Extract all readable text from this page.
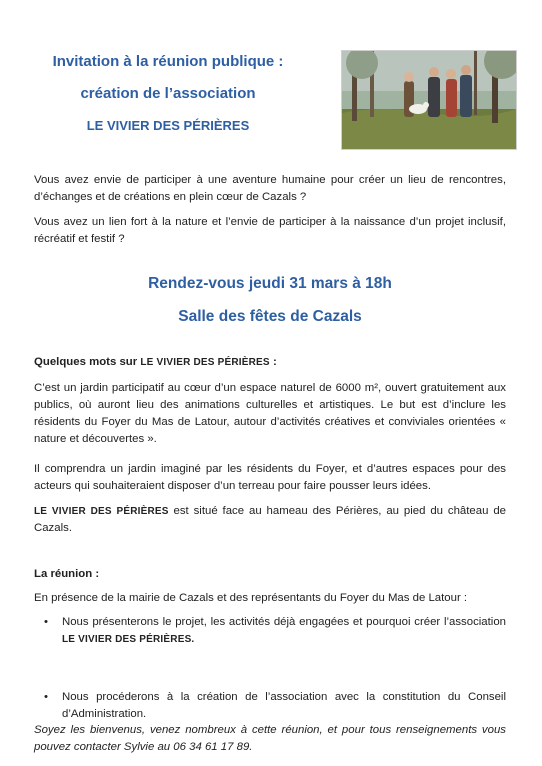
Invitation à la réunion publique :
création de l’association
LE VIVIER DES PÉRIÈRES
Vous avez envie de participer à une aventure humaine pour créer un lieu de rencontres, d’échanges et de créations en plein cœur de Cazals ?
Vous avez un lien fort à la nature et l’envie de participer à la naissance d’un projet inclusif, récréatif et festif ?
Rendez-vous jeudi 31 mars à 18h
Salle des fêtes de Cazals
Quelques mots sur LE VIVIER DES PÉRIÈRES :
C’est un jardin participatif au cœur d’un espace naturel de 6000 m², ouvert gratuitement aux publics, où auront lieu des animations culturelles et artistiques. Le but est d’inclure les résidents du Foyer du Mas de Latour, autour d’activités créatives et conviviales orientées « nature et découvertes ».
Il comprendra un jardin imaginé par les résidents du Foyer, et d’autres espaces pour des acteurs qui souhaiteraient disposer d’un terreau pour faire pousser leurs idées.
LE VIVIER DES PÉRIÈRES est situé face au hameau des Périères, au pied du château de Cazals.
La réunion :
En présence de la mairie de Cazals et des représentants du Foyer du Mas de Latour :
• Nous présenterons le projet, les activités déjà engagées et pourquoi créer l’association LE VIVIER DES PÉRIÈRES.
• Nous procéderons à la création de l’association avec la constitution du Conseil d’Administration.
Soyez les bienvenus, venez nombreux à cette réunion, et pour tous renseignements vous pouvez contacter Sylvie au 06 34 61 17 89.
